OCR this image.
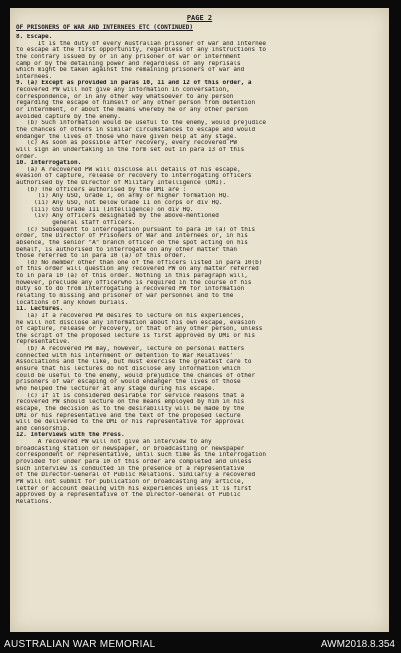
PAGE 2
OF PRISONERS OF WAR AND INTERNEES ETC (CONTINUED)
8. Escape.
It is the duty of every Australian prisoner of war and internee
to escape at the first opportunity, regardless of any instructions to
the contrary issued by or in any prisoner of war or internment
camp or by the detaining power and regardless of any reprisals
which might be taken against the remaining prisoners of war and
internees.
9. (a) Except as provided in paras 10, 11 and 12 of this order, a
recovered PW will not give any information in conversation,
correspondence, or in any other way whatsoever to any person
regarding the escape of himself or any other person from detention
or internment, or about the means whereby he or any other person
avoided capture by the enemy.
(b) Such information would be useful to the enemy, would prejudice
the chances of others in similar circumstances to escape and would
endanger the lives of those who have given help at any stage.
(c) As soon as possible after recovery, every recovered PW
will sign an undertaking in the form set out in para 13 of this
order.
10. Interrogation.
(a) A recovered PW will disclose all details of his escape,
evasion of capture, release or recovery to interrogating officers
authorised by the Director of Military Intelligence (DMI).
(b) The officers authorised by the DMI are :
(i) Any GSO, Grade 1, on army or higher formation HQ.
(ii) Any GSO, not below Grade 11 on corps or div HQ.
(iii) GSO Grade 111 (Intelligence) on div HQ.
(iv) Any officers designated by the above-mentioned
general staff officers.
(c) Subsequent to interrogation pursuant to para 10 (a) of this
order, the Director of Prisoners of War and Internees or, in his
absence, the senior "A" branch officer on the spot acting on his
behalf, is authorised to interrogate on any other matter than
those referred to in para 10 (a) of this order.
(d) No member other than one of the officers listed in para 10(b)
of this order will question any recovered PW on any matter referred
to in para 10 (a) of this order. Nothing in this paragraph will,
however, preclude any officerwho is required in the course of his
duty so to do from interrogating a recovered PW for information
relating to missing and prisoner of war personnel and to the
locations of any known burials.
11. Lectures.
(a) If a recovered PW desires to lecture on his experiences,
he will not disclose any information about his own escape, evasion
of capture, release or recovery, or that of any other person, unless
the script of the proposed lecture is first approved by DMI or his
representative.
(b) A recovered PW may, however, lecture on personal matters
connected with his internment or detention to War Relatives'
Associations and the like, but must exercise the greatest care to
ensure that his lectures do not disclose any information which
could be useful to the enemy, would prejudice the chances of other
prisoners of war escaping or would endanger the lives of those
who helped the lecturer at any stage during his escape.
(c) If it is considered desirable for service reasons that a
recovered PW should lecture on the means employed by him in his
escape, the decision as to the desirability will be made by the
DMI or his representative and the text of the proposed lecture
will be delivered to the DMI or his representative for approval
and censorship.
12. Interviews with the Press.
A recovered PW will not give an interview to any
broadcasting station or newspaper, or broadcasting or newspaper
correspondent or representative, until such time as the interrogation
provided for under para 10 of this order are completed and unless
such interview is conducted in the presence of a representative
of the Director-General of Public Relations. Similarly a recovered
PW will not submit for publication or broadcasting any article,
letter or account dealing with his experiences unless it is first
approved by a representative of the Director-General of Public
Relations.
AUSTRALIAN WAR MEMORIAL	AWM2018.8.354
